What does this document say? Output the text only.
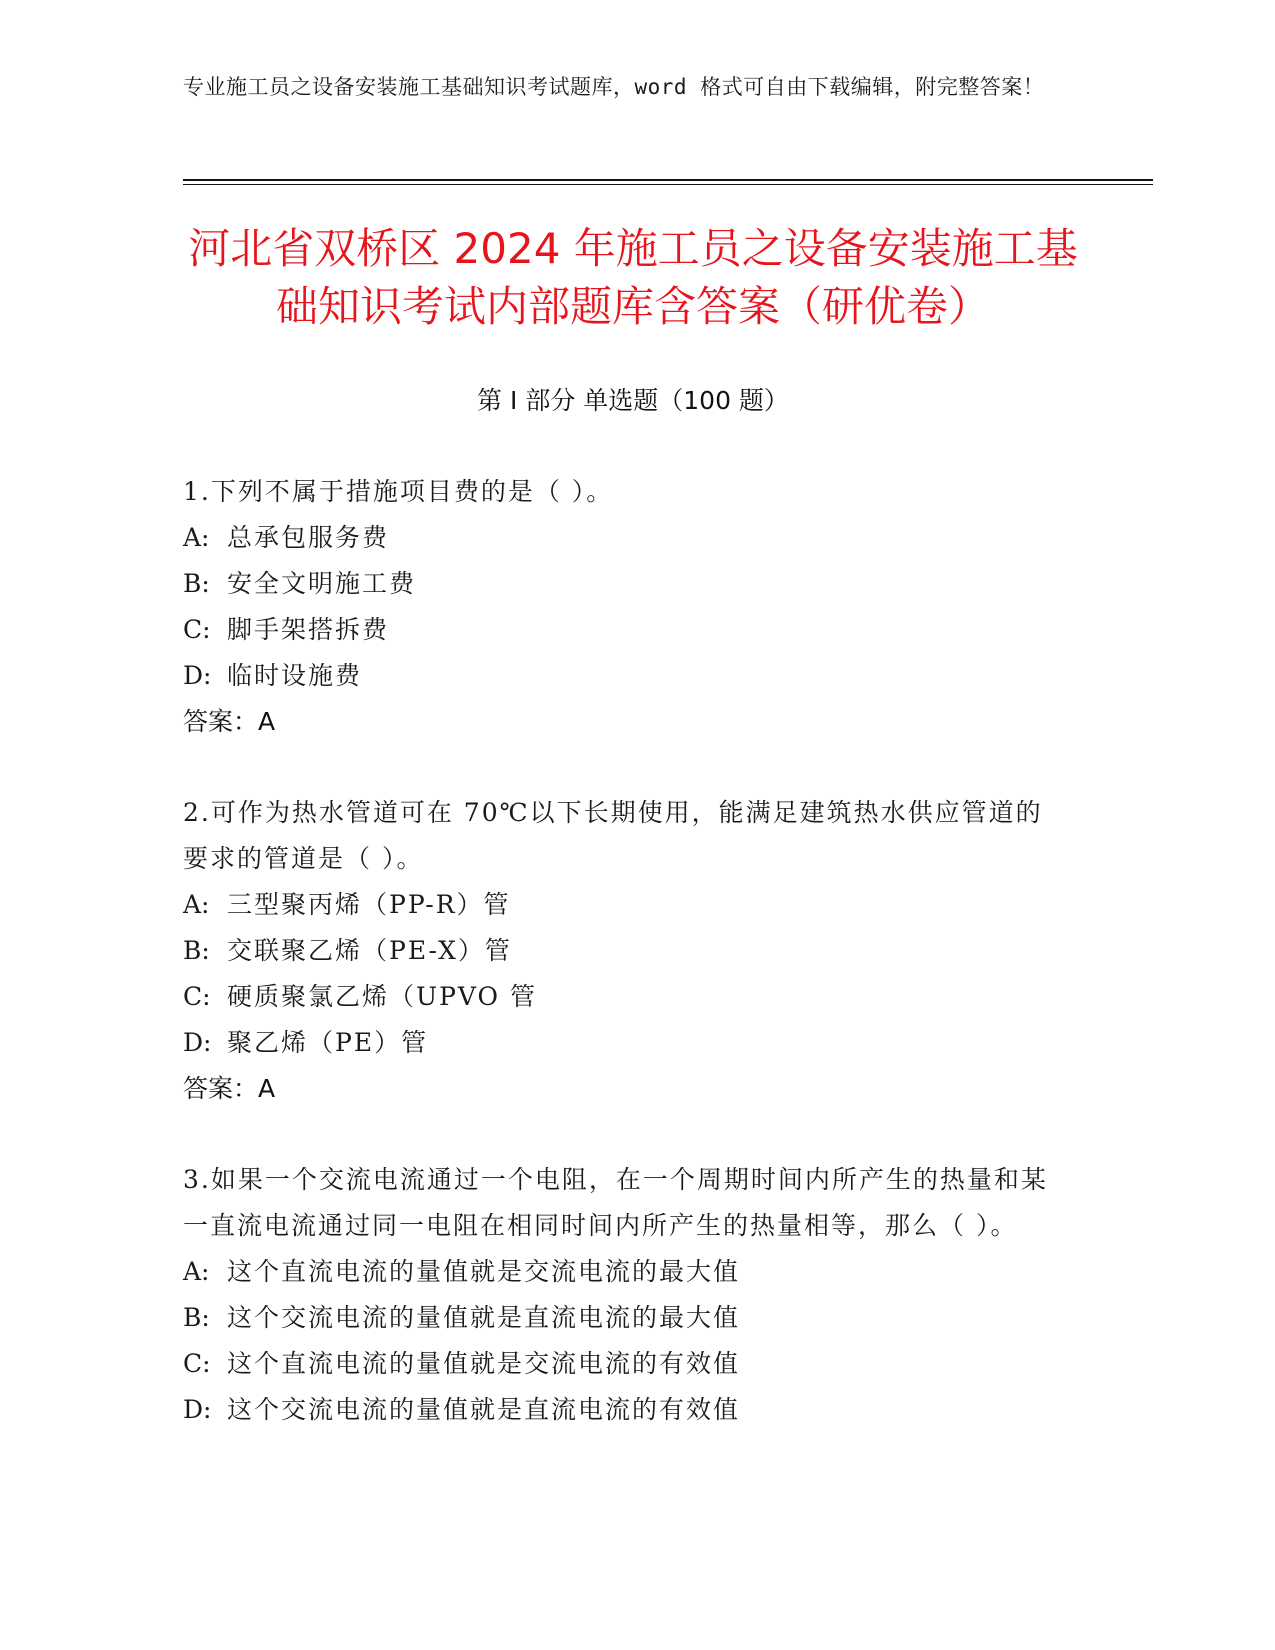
专业施工员之设备安装施工基础知识考试题库，word 格式可自由下载编辑，附完整答案！
河北省双桥区 2024 年施工员之设备安装施工基础知识考试内部题库含答案（研优卷）
第 I 部分 单选题（100 题）

1.下列不属于措施项目费的是（ ）。

A: 总承包服务费

B: 安全文明施工费

C: 脚手架搭拆费

D: 临时设施费

答案：A

2.可作为热水管道可在 70℃以下长期使用，能满足建筑热水供应管道的要求的管道是（ ）。

A: 三型聚丙烯（PP-R）管

B: 交联聚乙烯（PE-X）管

C: 硬质聚氯乙烯（UPVO 管

D: 聚乙烯（PE）管

答案：A

3.如果一个交流电流通过一个电阻，在一个周期时间内所产生的热量和某一直流电流通过同一电阻在相同时间内所产生的热量相等，那么（ ）。

A: 这个直流电流的量值就是交流电流的最大值

B: 这个交流电流的量值就是直流电流的最大值

C: 这个直流电流的量值就是交流电流的有效值

D: 这个交流电流的量值就是直流电流的有效值
